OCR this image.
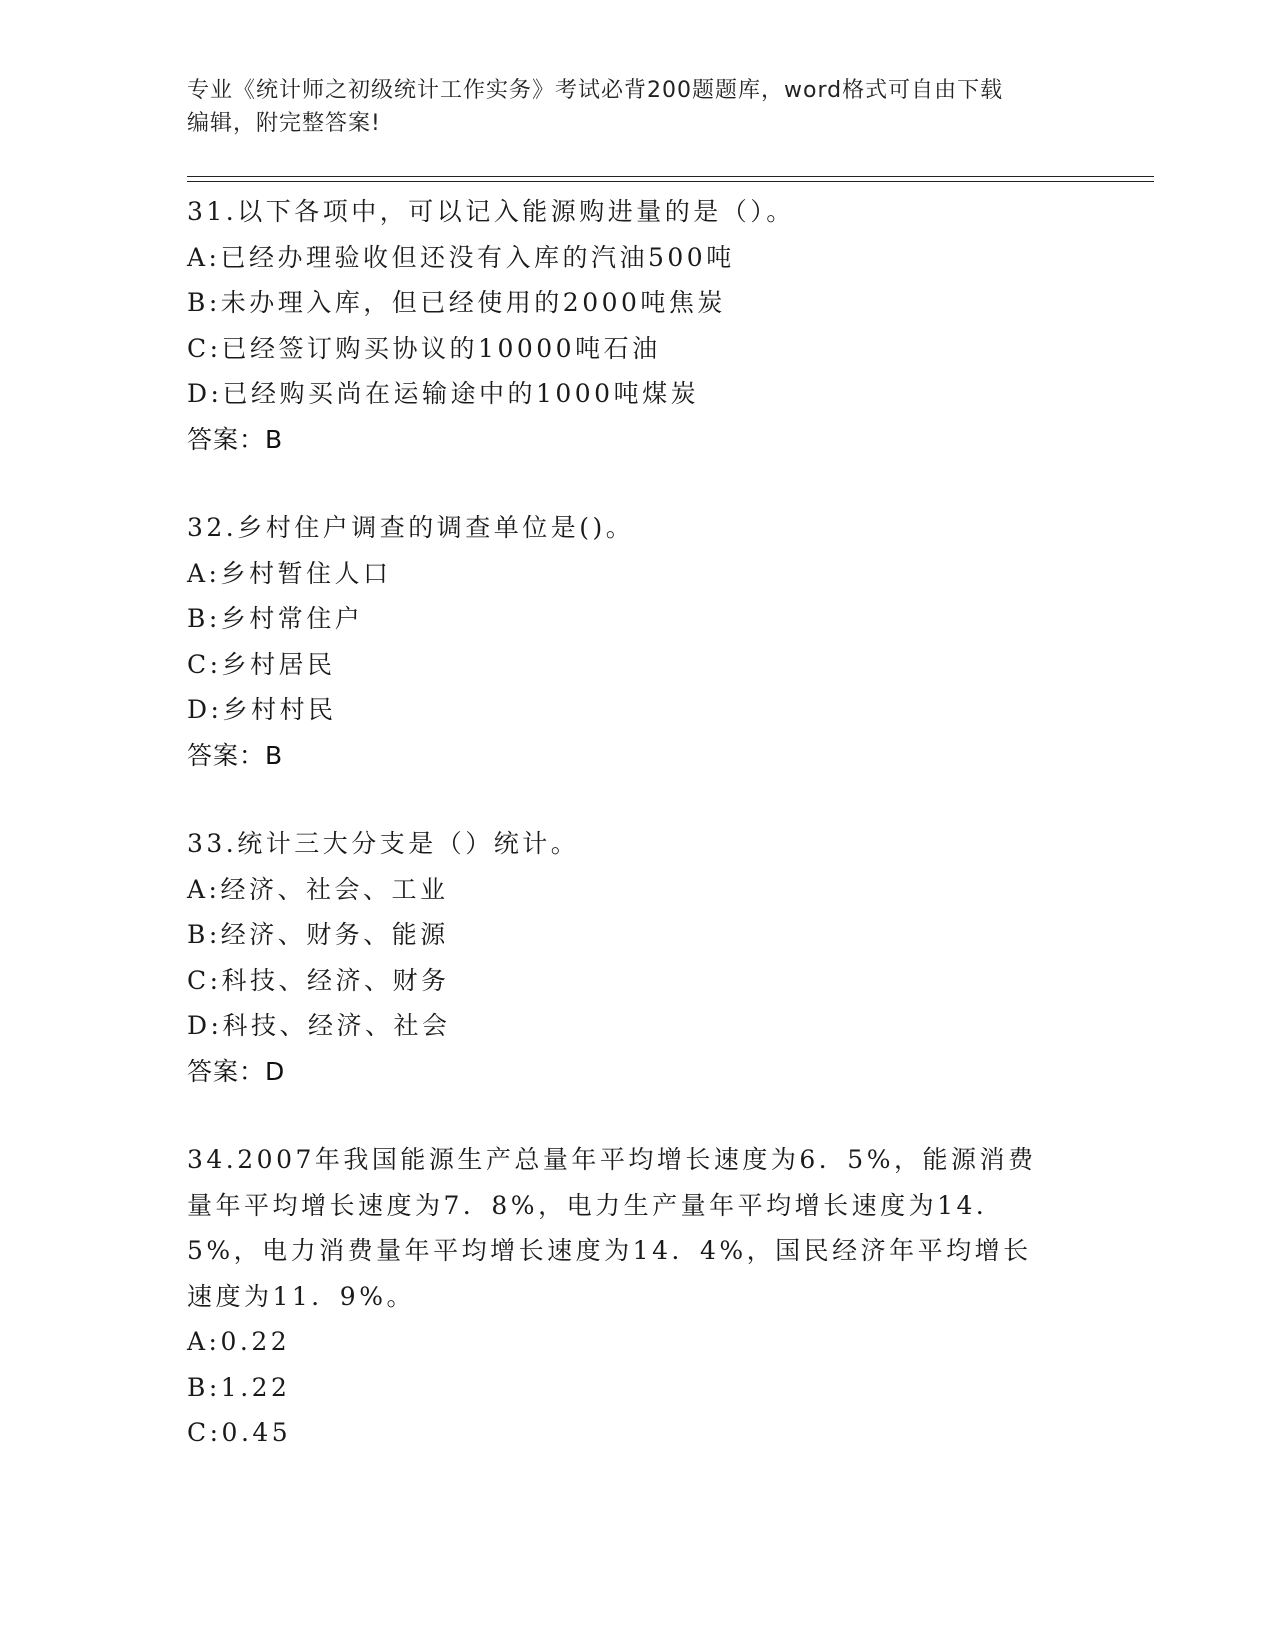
专业《统计师之初级统计工作实务》考试必背200题题库，word格式可自由下载
编辑，附完整答案!
31.以下各项中，可以记入能源购进量的是（）。
A:已经办理验收但还没有入库的汽油500吨
B:未办理入库，但已经使用的2000吨焦炭
C:已经签订购买协议的10000吨石油
D:已经购买尚在运输途中的1000吨煤炭
答案：B
32.乡村住户调查的调查单位是()。
A:乡村暂住人口
B:乡村常住户
C:乡村居民
D:乡村村民
答案：B
33.统计三大分支是（）统计。
A:经济、社会、工业
B:经济、财务、能源
C:科技、经济、财务
D:科技、经济、社会
答案：D
34.2007年我国能源生产总量年平均增长速度为6．5%，能源消费量年平均增长速度为7．8%，电力生产量年平均增长速度为14．5%，电力消费量年平均增长速度为14．4%，国民经济年平均增长速度为11．9%。
A:0.22
B:1.22
C:0.45
